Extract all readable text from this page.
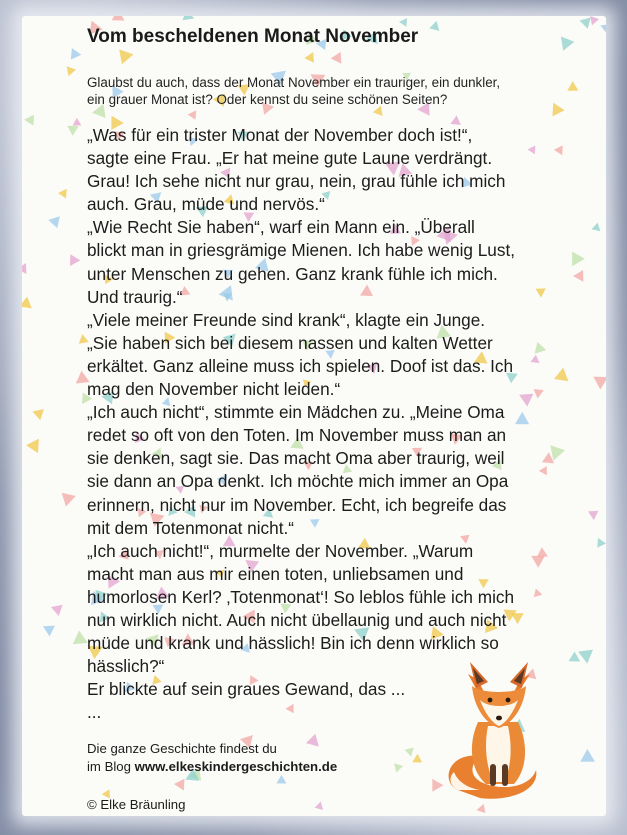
Vom bescheldenen Monat November
Glaubst du auch, dass der Monat November ein trauriger, ein dunkler,
ein grauer Monat ist? Oder kennst du seine schönen Seiten?
„Was für ein trister Monat der November doch ist!“,
sagte eine Frau. „Er hat meine gute Laune verdrängt.
Grau! Ich sehe nicht nur grau, nein, grau fühle ich mich
auch. Grau, müde und nervös.“
„Wie Recht Sie haben“, warf ein Mann ein. „Überall
blickt man in griesgrämige Mienen. Ich habe wenig Lust,
unter Menschen zu gehen. Ganz krank fühle ich mich.
Und traurig.“
„Viele meiner Freunde sind krank“, klagte ein Junge.
„Sie haben sich bei diesem nassen und kalten Wetter
erkältet. Ganz alleine muss ich spielen. Doof ist das. Ich
mag den November nicht leiden.“
„Ich auch nicht“, stimmte ein Mädchen zu. „Meine Oma
redet so oft von den Toten. Im November muss man an
sie denken, sagt sie. Das macht Oma aber traurig, weil
sie dann an Opa denkt. Ich möchte mich immer an Opa
erinnern, nicht nur im November. Echt, ich begreife das
mit dem Totenmonat nicht.“
„Ich auch nicht!“, murmelte der November. „Warum
macht man aus mir einen toten, unliebsamen und
humorlosen Kerl? ‚Totenmonat‘! So leblos fühle ich mich
nun wirklich nicht. Auch nicht übellaunig und auch nicht
müde und krank und hässlich! Bin ich denn wirklich so
hässlich?“
Er blickte auf sein graues Gewand, das ...
...
Die ganze Geschichte findest du
im Blog www.elkeskindergeschichten.de
© Elke Bräunling
